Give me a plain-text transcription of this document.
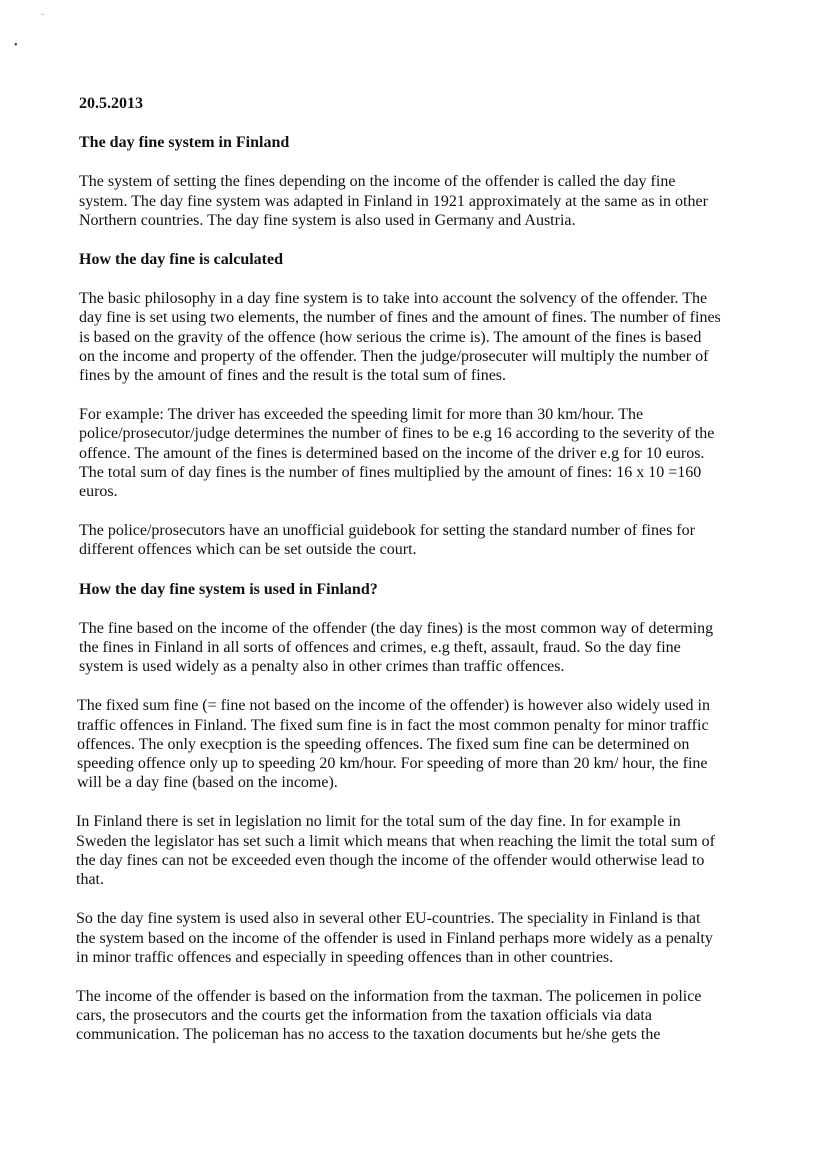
ᐨ
•
20.5.2013
The day fine system in Finland
The system of setting the fines depending on the income of the offender is called the day fine
system. The day fine system was adapted in Finland in 1921 approximately at the same as in other
Northern countries. The day fine system is also used in Germany and Austria.
How the day fine is calculated
The basic philosophy in a day fine system is to take into account the solvency of the offender. The
day fine is set using two elements, the number of fines and the amount of fines. The number of fines
is based on the gravity of the offence (how serious the crime is). The amount of the fines is based
on the income and property of the offender. Then the judge/prosecuter will multiply the number of
fines by the amount of fines and the result is the total sum of fines.
For example: The driver has exceeded the speeding limit for more than 30 km/hour. The
police/prosecutor/judge determines the number of fines to be e.g 16 according to the severity of the
offence. The amount of the fines is determined based on the income of the driver e.g for 10 euros.
The total sum of day fines is the number of fines multiplied by the amount of fines: 16 x 10 =160
euros.
The police/prosecutors have an unofficial guidebook for setting the standard number of fines for
different offences which can be set outside the court.
How the day fine system is used in Finland?
The fine based on the income of the offender (the day fines) is the most common way of determing
the fines in Finland in all sorts of offences and crimes, e.g theft, assault, fraud. So the day fine
system is used widely as a penalty also in other crimes than traffic offences.
The fixed sum fine (= fine not based on the income of the offender) is however also widely used in
traffic offences in Finland. The fixed sum fine is in fact the most common penalty for minor traffic
offences. The only execption is the speeding offences. The fixed sum fine can be determined on
speeding offence only up to speeding 20 km/hour. For speeding of more than 20 km/ hour, the fine
will be a day fine (based on the income).
In Finland there is set in legislation no limit for the total sum of the day fine. In for example in
Sweden the legislator has set such a limit which means that when reaching the limit the total sum of
the day fines can not be exceeded even though the income of the offender would otherwise lead to
that.
So the day fine system is used also in several other EU-countries. The speciality in Finland is that
the system based on the income of the offender is used in Finland perhaps more widely as a penalty
in minor traffic offences and especially in speeding offences than in other countries.
The income of the offender is based on the information from the taxman. The policemen in police
cars, the prosecutors and the courts get the information from the taxation officials via data
communication. The policeman has no access to the taxation documents but he/she gets the
